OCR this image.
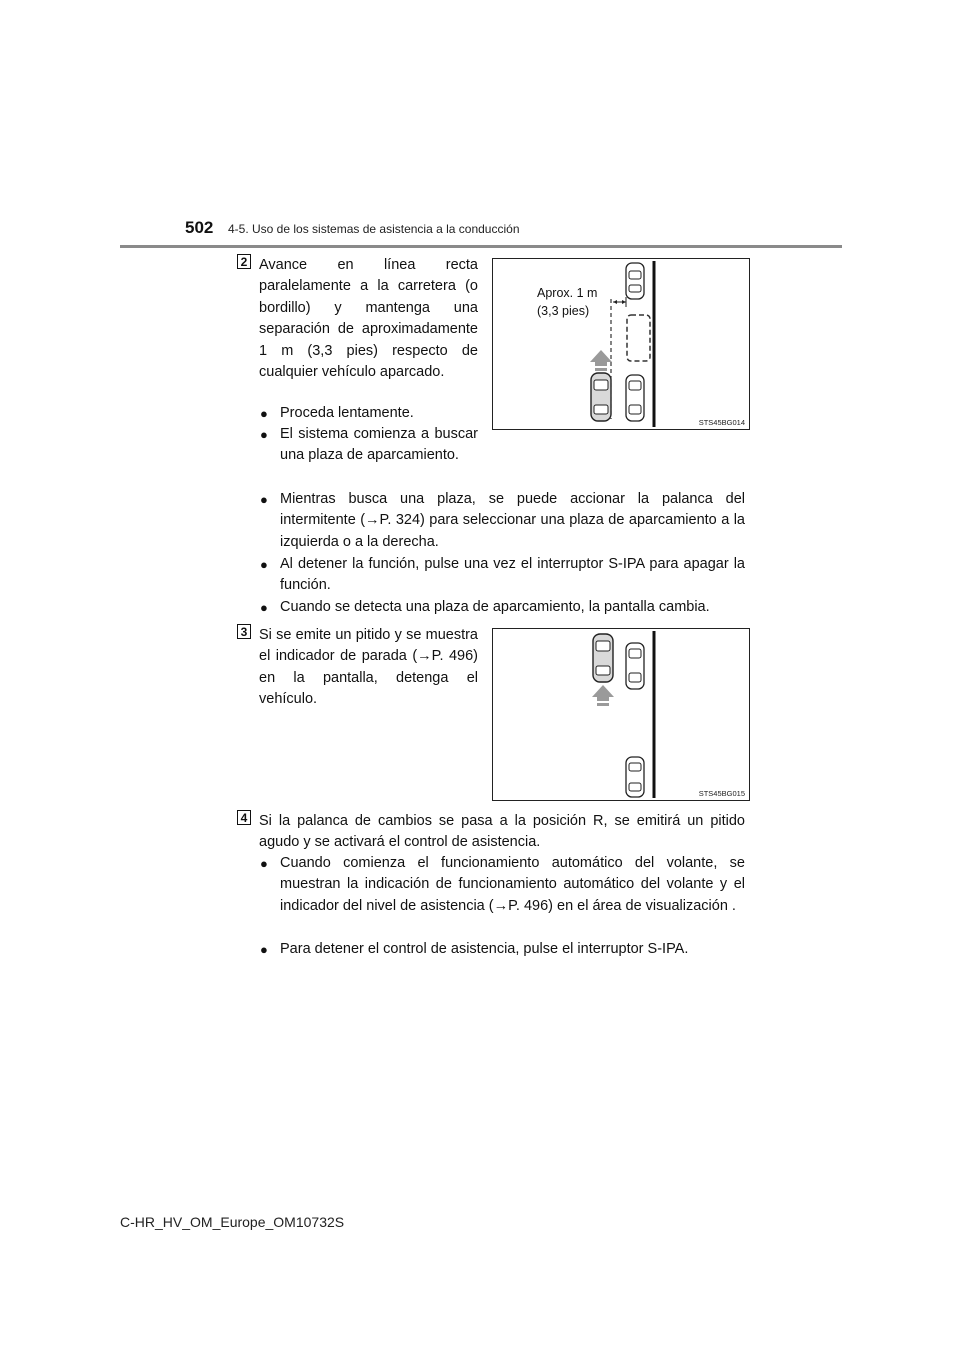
502 4-5. Uso de los sistemas de asistencia a la conducción
2 Avance en línea recta paralelamente a la carretera (o bordillo) y mantenga una separación de aproximadamente 1 m (3,3 pies) respecto de cualquier vehículo aparcado.
● Proceda lentamente.
● El sistema comienza a buscar una plaza de aparcamiento.
Aprox. 1 m
(3,3 pies)
STS45BG014
● Mientras busca una plaza, se puede accionar la palanca del intermitente (→P. 324) para seleccionar una plaza de aparcamiento a la izquierda o a la derecha.
● Al detener la función, pulse una vez el interruptor S-IPA para apagar la función.
● Cuando se detecta una plaza de aparcamiento, la pantalla cambia.
3 Si se emite un pitido y se muestra el indicador de parada (→P. 496) en la pantalla, detenga el vehículo.
STS45BG015
4 Si la palanca de cambios se pasa a la posición R, se emitirá un pitido agudo y se activará el control de asistencia.
● Cuando comienza el funcionamiento automático del volante, se muestran la indicación de funcionamiento automático del volante y el indicador del nivel de asistencia (→P. 496) en el área de visualización .
● Para detener el control de asistencia, pulse el interruptor S-IPA.
C-HR_HV_OM_Europe_OM10732S
